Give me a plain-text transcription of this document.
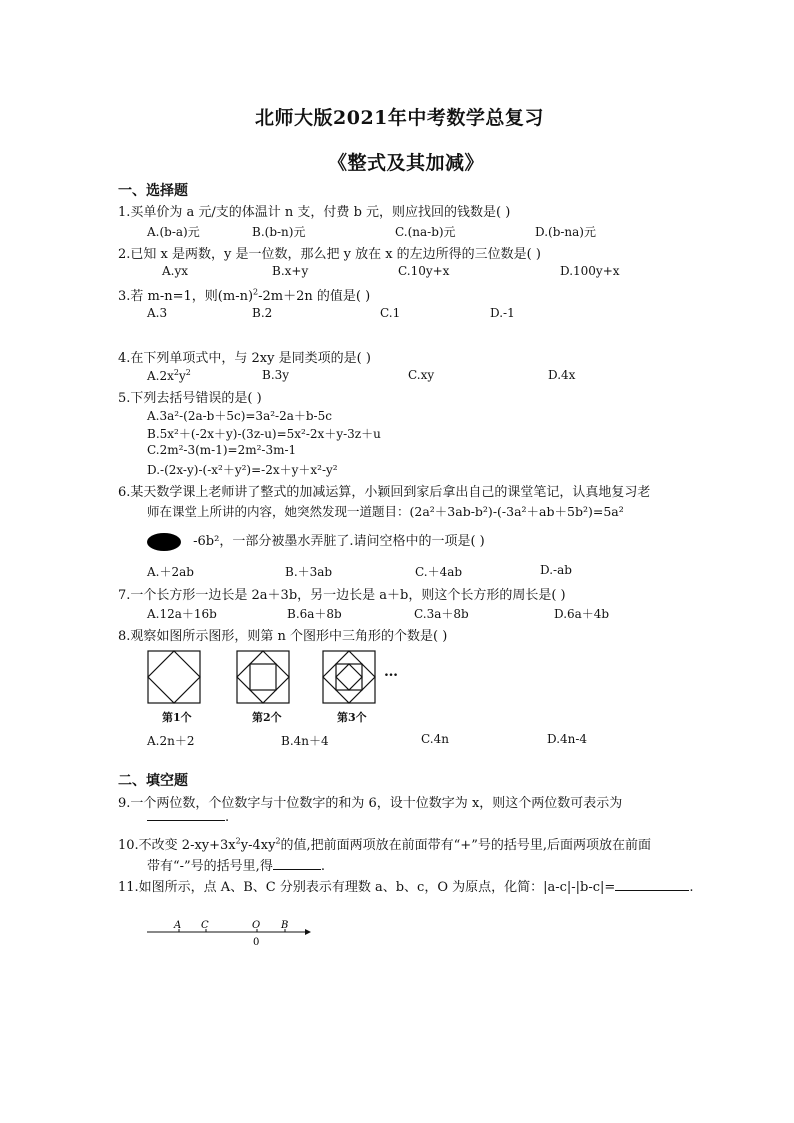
北师大版2021年中考数学总复习
《整式及其加减》
一、选择题
1.买单价为 a 元/支的体温计 n 支，付费 b 元，则应找回的钱数是( )
A.(b-a)元	B.(b-n)元	C.(na-b)元	D.(b-na)元
2.已知 x 是两数，y 是一位数，那么把 y 放在 x 的左边所得的三位数是( )
A.yx	B.x+y	C.10y+x	D.100y+x
3.若 m-n=1，则$(m-n)^2-2m+2n$ 的值是( )
A.3	B.2	C.1	D.-1
4.在下列单项式中，与 2xy 是同类项的是( )
$A.2x^2y^2$	B.3y	C.xy	D.4x
5.下列去括号错误的是( )
A.3a²-(2a-b＋5c)=3a²-2a＋b-5c
B.5x²＋(-2x＋y)-(3z-u)=5x²-2x＋y-3z＋u
C.2m²-3(m-1)=2m²-3m-1
D.-(2x-y)-(-x²＋y²)=-2x＋y＋x²-y²
6.某天数学课上老师讲了整式的加减运算，小颖回到家后拿出自己的课堂笔记，认真地复习老
师在课堂上所讲的内容，她突然发现一道题目：(2a²＋3ab-b²)-(-3a²＋ab＋5b²)=5a²
-6b²，一部分被墨水弄脏了.请问空格中的一项是( )
A.＋2ab	B.＋3ab	C.＋4ab	D.-ab
7.一个长方形一边长是 2a＋3b，另一边长是 a＋b，则这个长方形的周长是( )
A.12a＋16b	B.6a＋8b	C.3a＋8b	D.6a＋4b
8.观察如图所示图形，则第 n 个图形中三角形的个数是( )
…
第1个	第2个	第3个
A.2n＋2	B.4n＋4	C.4n	D.4n-4
二、填空题
9.一个两位数，个位数字与十位数字的和为 6，设十位数字为 x，则这个两位数可表示为
.
10.不改变 $2-xy+3x^2y-4xy^2$的值,把前面两项放在前面带有“+”号的括号里,后面两项放在前面
带有“-”号的括号里,得	.
11.如图所示，点 A、B、C 分别表示有理数 a、b、c，O 为原点，化简：|a-c|-|b-c|=	.
A C	O B
0
